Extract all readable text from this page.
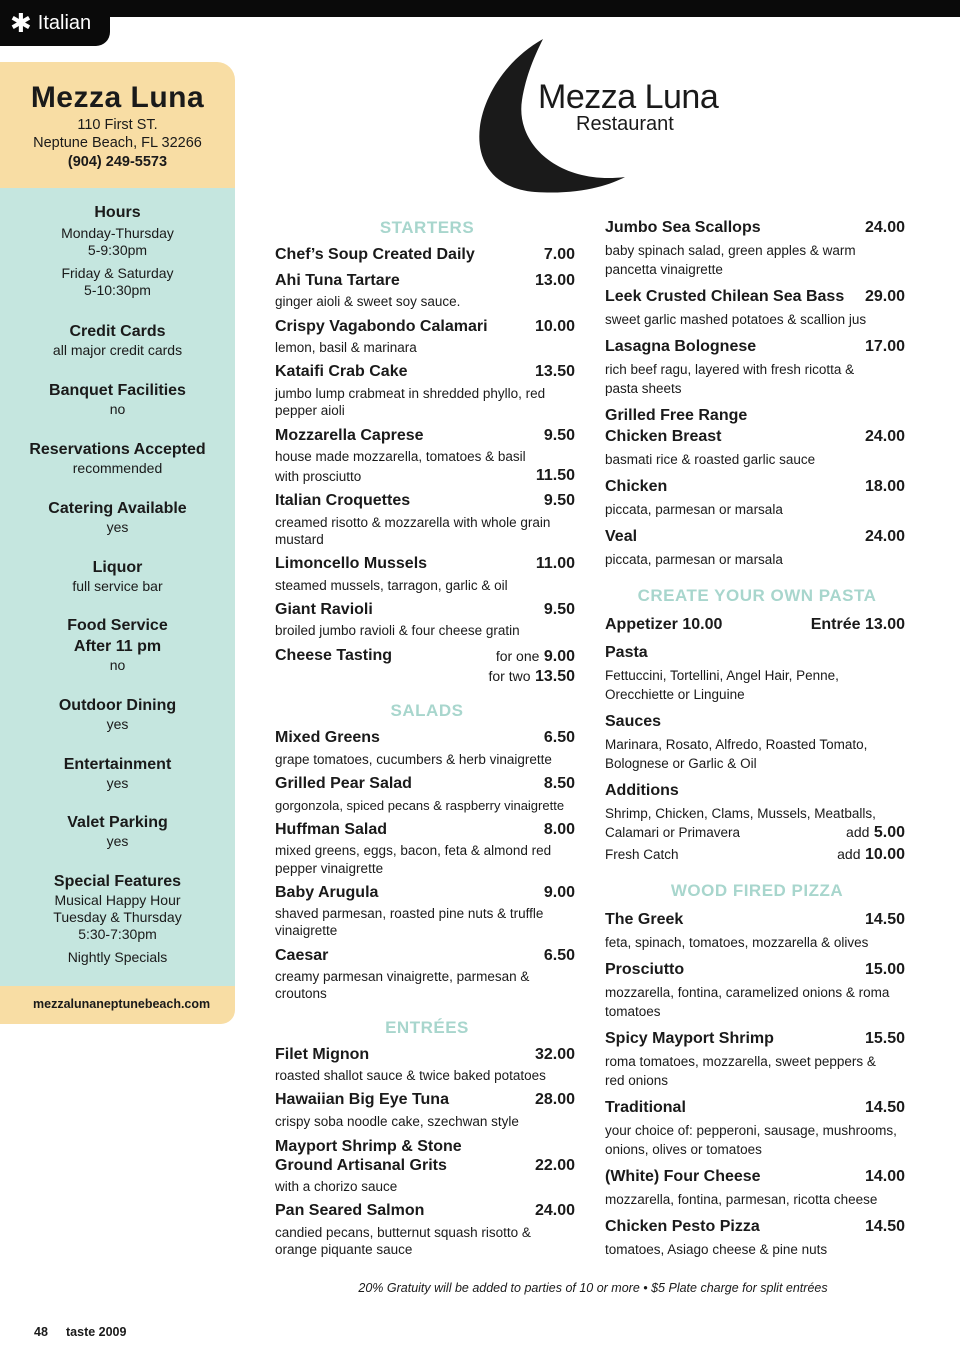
✱ Italian
Mezza Luna
110 First ST.
Neptune Beach, FL 32266
(904) 249-5573
Hours
Monday-Thursday
5-9:30pm
Friday & Saturday
5-10:30pm
Credit Cards
all major credit cards
Banquet Facilities
no
Reservations Accepted
recommended
Catering Available
yes
Liquor
full service bar
Food Service
After 11 pm
no
Outdoor Dining
yes
Entertainment
yes
Valet Parking
yes
Special Features
Musical Happy Hour
Tuesday & Thursday
5:30-7:30pm
Nightly Specials
mezzalunaneptunebeach.com
Mezza Luna
Restaurant
STARTERS
Chef’s Soup Created Daily	7.00
Ahi Tuna Tartare	13.00
ginger aioli & sweet soy sauce.
Crispy Vagabondo Calamari	10.00
lemon, basil & marinara
Kataifi Crab Cake	13.50
jumbo lump crabmeat in shredded phyllo, red
pepper aioli
Mozzarella Caprese	9.50
house made mozzarella, tomatoes & basil
with prosciutto	11.50
Italian Croquettes	9.50
creamed risotto & mozzarella with whole grain
mustard
Limoncello Mussels	11.00
steamed mussels, tarragon, garlic & oil
Giant Ravioli	9.50
broiled jumbo ravioli & four cheese gratin
Cheese Tasting	for one 9.00
for two 13.50
SALADS
Mixed Greens	6.50
grape tomatoes, cucumbers & herb vinaigrette
Grilled Pear Salad	8.50
gorgonzola, spiced pecans & raspberry vinaigrette
Huffman Salad	8.00
mixed greens, eggs, bacon, feta & almond red
pepper vinaigrette
Baby Arugula	9.00
shaved parmesan, roasted pine nuts & truffle
vinaigrette
Caesar	6.50
creamy parmesan vinaigrette, parmesan &
croutons
ENTRÉES
Filet Mignon	32.00
roasted shallot sauce & twice baked potatoes
Hawaiian Big Eye Tuna	28.00
crispy soba noodle cake, szechwan style
Mayport Shrimp & Stone
Ground Artisanal Grits	22.00
with a chorizo sauce
Pan Seared Salmon	24.00
candied pecans, butternut squash risotto &
orange piquante sauce
Jumbo Sea Scallops	24.00
baby spinach salad, green apples & warm
pancetta vinaigrette
Leek Crusted Chilean Sea Bass	29.00
sweet garlic mashed potatoes & scallion jus
Lasagna Bolognese	17.00
rich beef ragu, layered with fresh ricotta &
pasta sheets
Grilled Free Range
Chicken Breast	24.00
basmati rice & roasted garlic sauce
Chicken	18.00
piccata, parmesan or marsala
Veal	24.00
piccata, parmesan or marsala
CREATE YOUR OWN PASTA
Appetizer 10.00	Entrée 13.00
Pasta
Fettuccini, Tortellini, Angel Hair, Penne,
Orecchiette or Linguine
Sauces
Marinara, Rosato, Alfredo, Roasted Tomato,
Bolognese or Garlic & Oil
Additions
Shrimp, Chicken, Clams, Mussels, Meatballs,
Calamari or Primavera	add 5.00
Fresh Catch	add 10.00
WOOD FIRED PIZZA
The Greek	14.50
feta, spinach, tomatoes, mozzarella & olives
Prosciutto	15.00
mozzarella, fontina, caramelized onions & roma
tomatoes
Spicy Mayport Shrimp	15.50
roma tomatoes, mozzarella, sweet peppers &
red onions
Traditional	14.50
your choice of: pepperoni, sausage, mushrooms,
onions, olives or tomatoes
(White) Four Cheese	14.00
mozzarella, fontina, parmesan, ricotta cheese
Chicken Pesto Pizza	14.50
tomatoes, Asiago cheese & pine nuts
20% Gratuity will be added to parties of 10 or more • $5 Plate charge for split entrées
48 taste 2009
